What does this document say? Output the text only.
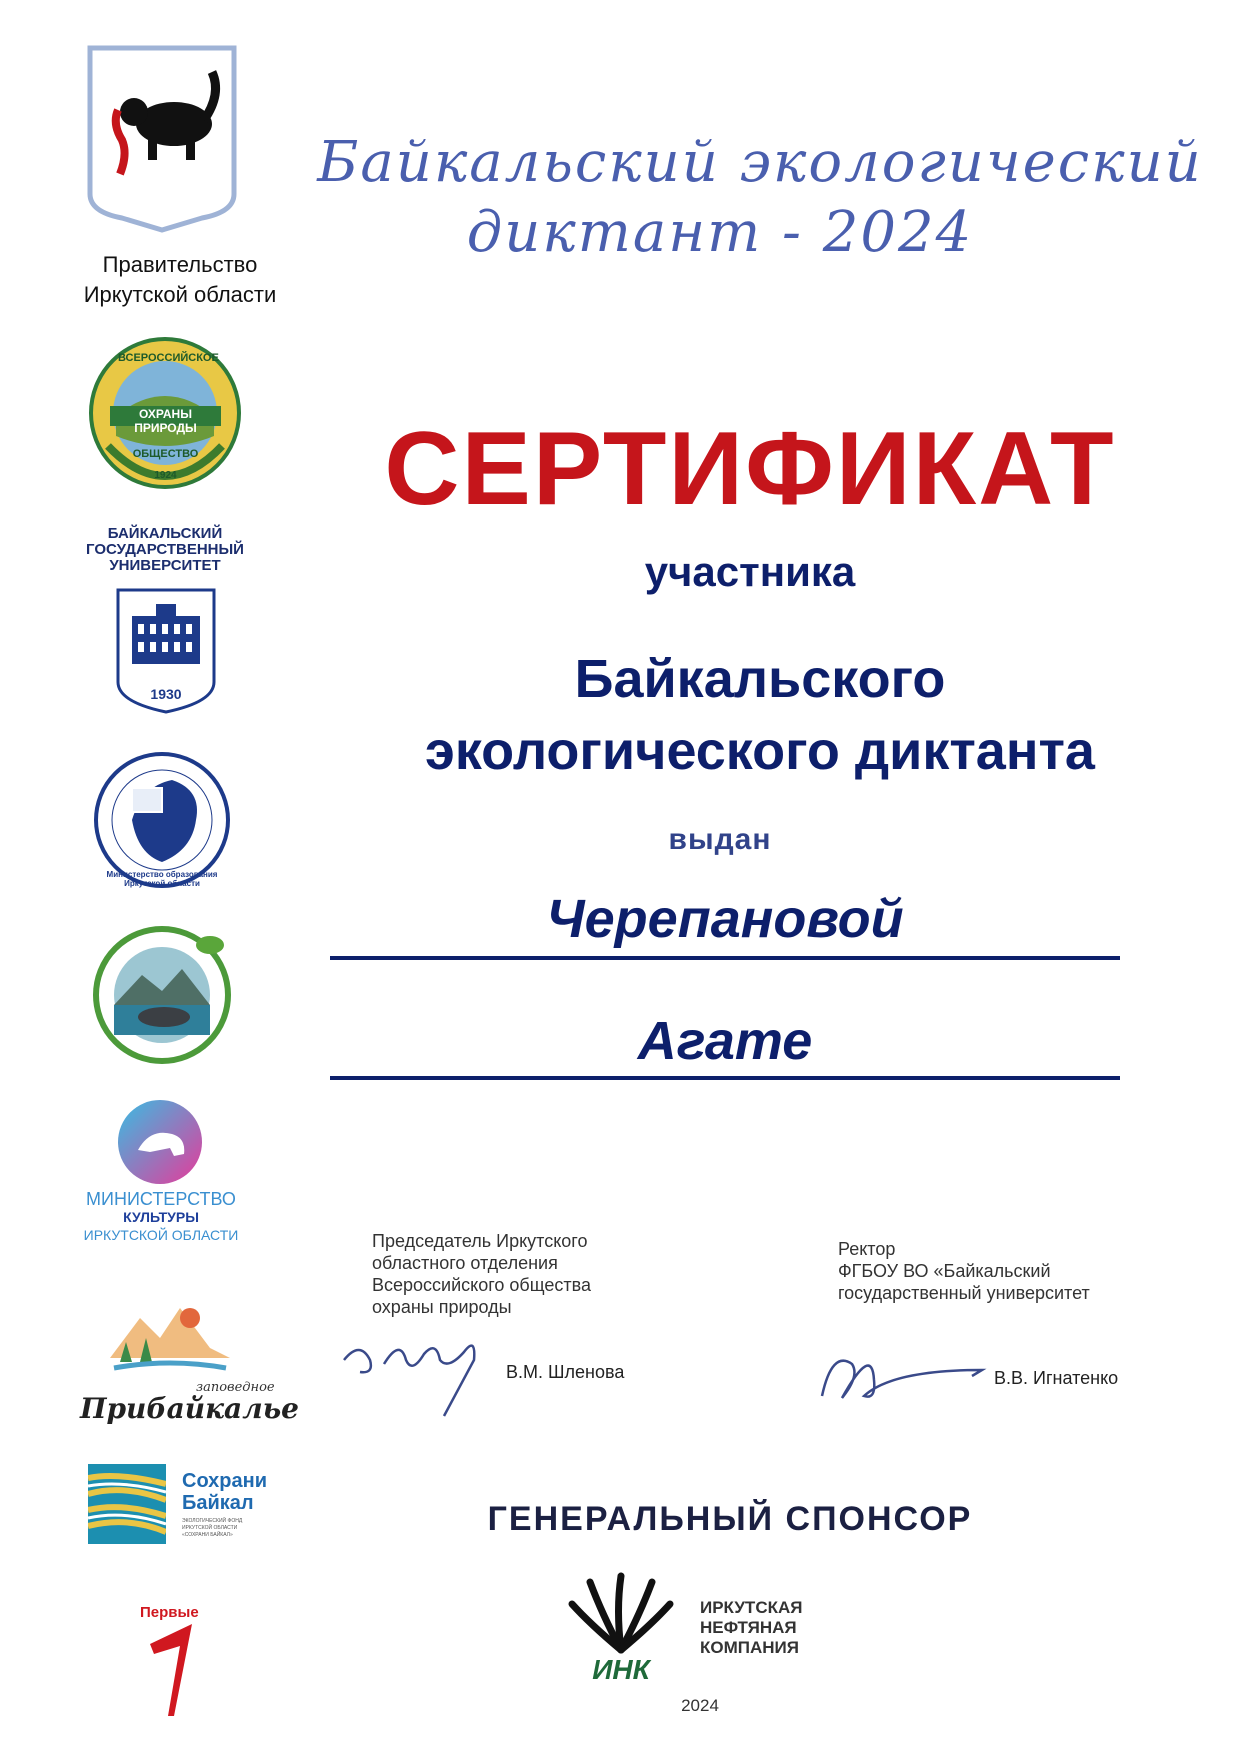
Байкальский экологический
диктант - 2024
Правительство
Иркутской области
ОХРАНЫ ПРИРОДЫ
ВСЕРОССИЙСКОЕ
ОБЩЕСТВО
1924
БАЙКАЛЬСКИЙ
ГОСУДАРСТВЕННЫЙ
УНИВЕРСИТЕТ
1930
Министерство образования Иркутской области
МИНИСТЕРСТВО
КУЛЬТУРЫ
ИРКУТСКОЙ ОБЛАСТИ
заповедное
Прибайкалье
Сохрани
Байкал
ЭКОЛОГИЧЕСКИЙ ФОНД ИРКУТСКОЙ ОБЛАСТИ «СОХРАНИ БАЙКАЛ»
Первые
СЕРТИФИКАТ
участника
Байкальского
экологического диктанта
выдан
Черепановой
Агате
Председатель Иркутского
областного отделения
Всероссийского общества
охраны природы
В.М. Шленова
Ректор
ФГБОУ ВО «Байкальский
государственный университет
В.В. Игнатенко
ГЕНЕРАЛЬНЫЙ СПОНСОР
ИНК
ИРКУТСКАЯ
НЕФТЯНАЯ
КОМПАНИЯ
2024
